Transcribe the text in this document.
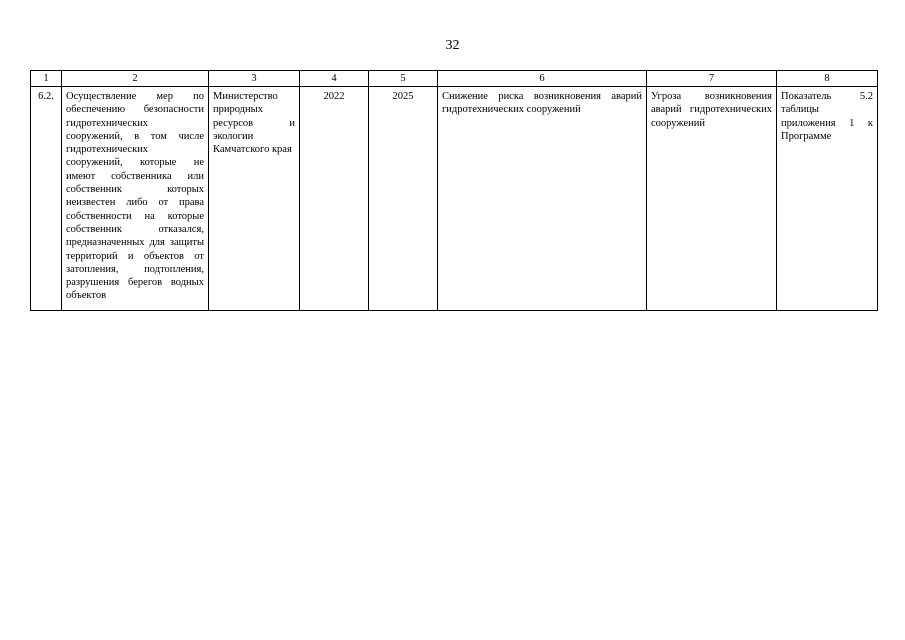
32
1	2	3	4	5	6	7	8
6.2.	Осуществление мер по обеспечению безопасности гидротехнических сооружений, в том числе гидротехнических сооружений, которые не имеют собственника или собственник которых неизвестен либо от права собственности на которые собственник отказался, предназначенных для защиты территорий и объектов от затопления, подтопления, разрушения берегов водных объектов	Министерство природных ресурсов и экологии Камчатского края	2022	2025	Снижение риска возникновения аварий гидротехнических сооружений	Угроза возникновения аварий гидротехнических сооружений	Показатель 5.2 таблицы приложения 1 к Программе
